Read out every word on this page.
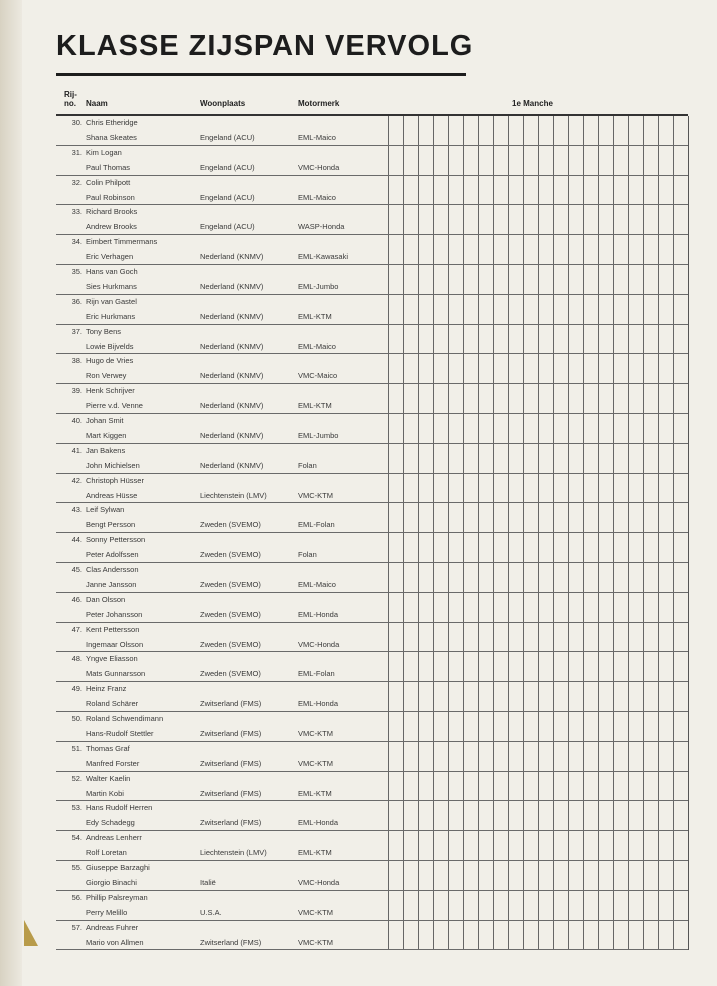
KLASSE ZIJSPAN VERVOLG
Rij-
no. Naam	Woonplaats	Motormerk	1e Manche
30. Chris Etheridge
Shana Skeates	Engeland (ACU)	EML-Maico
31. Kim Logan
Paul Thomas	Engeland (ACU)	VMC-Honda
32. Colin Philpott
Paul Robinson	Engeland (ACU)	EML-Maico
33. Richard Brooks
Andrew Brooks	Engeland (ACU)	WASP-Honda
34. Eimbert Timmermans
Eric Verhagen	Nederland (KNMV)	EML-Kawasaki
35. Hans van Goch
Sies Hurkmans	Nederland (KNMV)	EML-Jumbo
36. Rijn van Gastel
Eric Hurkmans	Nederland (KNMV)	EML-KTM
37. Tony Bens
Lowie Bijvelds	Nederland (KNMV)	EML-Maico
38. Hugo de Vries
Ron Verwey	Nederland (KNMV)	VMC-Maico
39. Henk Schrijver
Pierre v.d. Venne	Nederland (KNMV)	EML-KTM
40. Johan Smit
Mart Kiggen	Nederland (KNMV)	EML-Jumbo
41. Jan Bakens
John Michielsen	Nederland (KNMV)	Folan
42. Christoph Hüsser
Andreas Hüsse	Liechtenstein (LMV)	VMC-KTM
43. Leif Sylwan
Bengt Persson	Zweden (SVEMO)	EML-Folan
44. Sonny Pettersson
Peter Adolfssen	Zweden (SVEMO)	Folan
45. Clas Andersson
Janne Jansson	Zweden (SVEMO)	EML-Maico
46. Dan Olsson
Peter Johansson	Zweden (SVEMO)	EML-Honda
47. Kent Pettersson
Ingemaar Olsson	Zweden (SVEMO)	VMC-Honda
48. Yngve Eliasson
Mats Gunnarsson	Zweden (SVEMO)	EML-Folan
49. Heinz Franz
Roland Schärer	Zwitserland (FMS)	EML-Honda
50. Roland Schwendimann
Hans-Rudolf Stettler	Zwitserland (FMS)	VMC-KTM
51. Thomas Graf
Manfred Forster	Zwitserland (FMS)	VMC-KTM
52. Walter Kaelin
Martin Kobi	Zwitserland (FMS)	EML-KTM
53. Hans Rudolf Herren
Edy Schadegg	Zwitserland (FMS)	EML-Honda
54. Andreas Lenherr
Rolf Loretan	Liechtenstein (LMV)	EML-KTM
55. Giuseppe Barzaghi
Giorgio Binachi	Italië	VMC-Honda
56. Phillip Palsreyman
Perry Melillo	U.S.A.	VMC-KTM
57. Andreas Fuhrer
Mario von Allmen	Zwitserland (FMS)	VMC-KTM
